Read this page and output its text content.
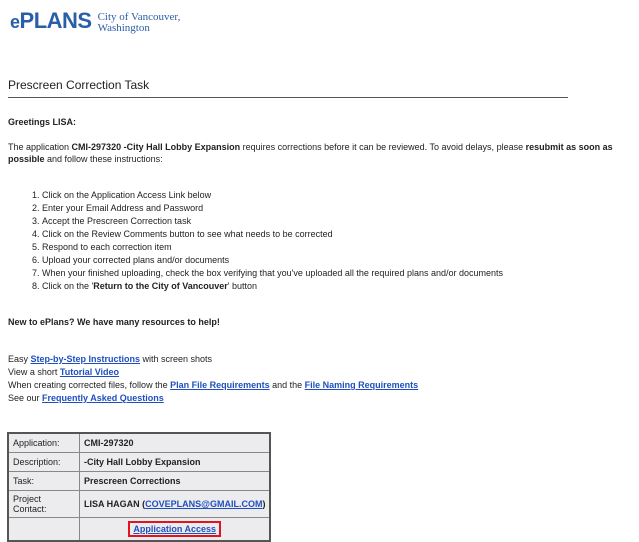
ePLANS City of Vancouver,
Washington
Prescreen Correction Task
Greetings LISA:
The application CMI-297320 -City Hall Lobby Expansion requires corrections before it can be reviewed. To avoid delays, please resubmit as soon as possible and follow these instructions:
1. Click on the Application Access Link below
2. Enter your Email Address and Password
3. Accept the Prescreen Correction task
4. Click on the Review Comments button to see what needs to be corrected
5. Respond to each correction item
6. Upload your corrected plans and/or documents
7. When your finished uploading, check the box verifying that you've uploaded all the required plans and/or documents
8. Click on the 'Return to the City of Vancouver' button
New to ePlans? We have many resources to help!
Easy Step-by-Step Instructions with screen shots
View a short Tutorial Video
When creating corrected files, follow the Plan File Requirements and the File Naming Requirements
See our Frequently Asked Questions
Application:	CMI-297320
Description:	-City Hall Lobby Expansion
Task:	Prescreen Corrections
Project Contact:	LISA HAGAN (COVEPLANS@GMAIL.COM)
	Application Access
